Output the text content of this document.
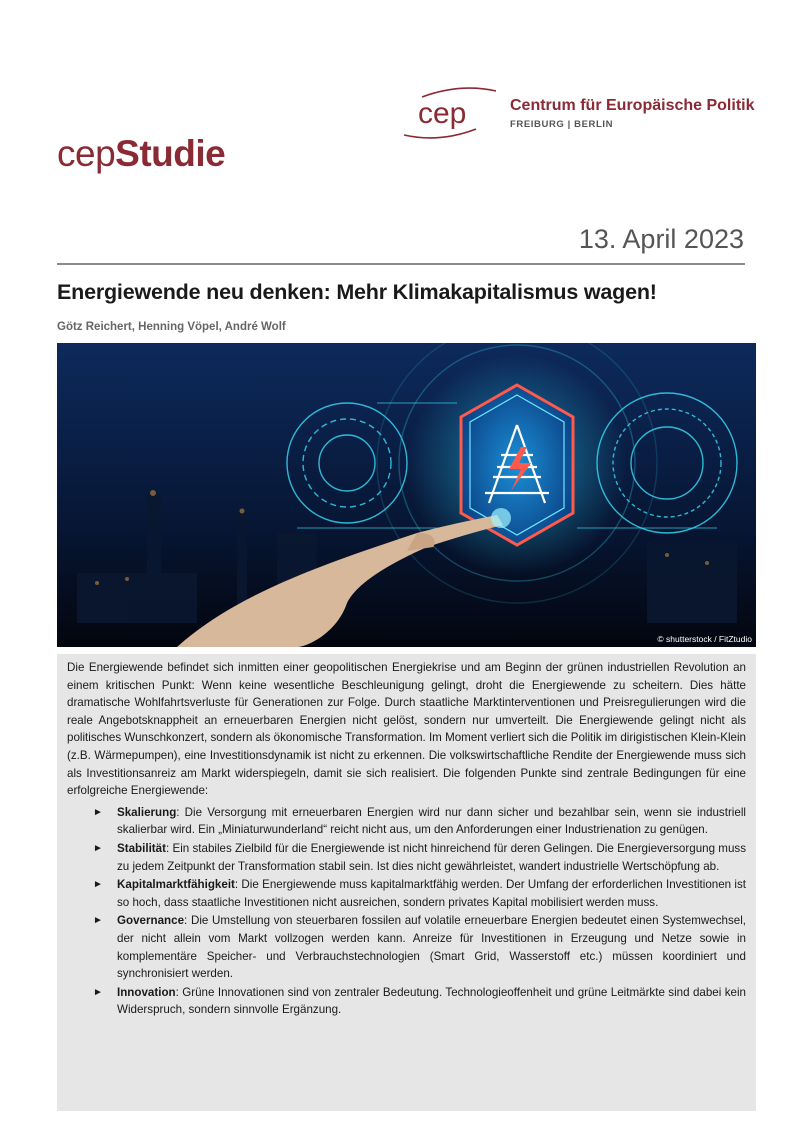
cep	Centrum für Europäische Politik
FREIBURG | BERLIN
cepStudie
13. April 2023
Energiewende neu denken: Mehr Klimakapitalismus wagen!
Götz Reichert, Henning Vöpel, André Wolf
© shutterstock / FitZtudio

Die Energiewende befindet sich inmitten einer geopolitischen Energiekrise und am Beginn der grünen industriellen Revolution an einem kritischen Punkt: Wenn keine wesentliche Beschleunigung gelingt, droht die Energiewende zu scheitern. Dies hätte dramatische Wohlfahrtsverluste für Generationen zur Folge. Durch staatliche Marktinterventionen und Preisregulierungen wird die reale Angebotsknappheit an erneuerbaren Energien nicht gelöst, sondern nur umverteilt. Die Energiewende gelingt nicht als politisches Wunschkonzert, sondern als ökonomische Transformation. Im Moment verliert sich die Politik im dirigistischen Klein-Klein (z.B. Wärmepumpen), eine Investitionsdynamik ist nicht zu erkennen. Die volkswirtschaftliche Rendite der Energiewende muss sich als Investitionsanreiz am Markt widerspiegeln, damit sie sich realisiert. Die folgenden Punkte sind zentrale Bedingungen für eine erfolgreiche Energiewende:

► Skalierung: Die Versorgung mit erneuerbaren Energien wird nur dann sicher und bezahlbar sein, wenn sie industriell skalierbar wird. Ein „Miniaturwunderland“ reicht nicht aus, um den Anforderungen einer Industrienation zu genügen.
► Stabilität: Ein stabiles Zielbild für die Energiewende ist nicht hinreichend für deren Gelingen. Die Energieversorgung muss zu jedem Zeitpunkt der Transformation stabil sein. Ist dies nicht gewährleistet, wandert industrielle Wertschöpfung ab.
► Kapitalmarktfähigkeit: Die Energiewende muss kapitalmarktfähig werden. Der Umfang der erforderlichen Investitionen ist so hoch, dass staatliche Investitionen nicht ausreichen, sondern privates Kapital mobilisiert werden muss.
► Governance: Die Umstellung von steuerbaren fossilen auf volatile erneuerbare Energien bedeutet einen Systemwechsel, der nicht allein vom Markt vollzogen werden kann. Anreize für Investitionen in Erzeugung und Netze sowie in komplementäre Speicher- und Verbrauchstechnologien (Smart Grid, Wasserstoff etc.) müssen koordiniert und synchronisiert werden.
► Innovation: Grüne Innovationen sind von zentraler Bedeutung. Technologieoffenheit und grüne Leitmärkte sind dabei kein Widerspruch, sondern sinnvolle Ergänzung.
